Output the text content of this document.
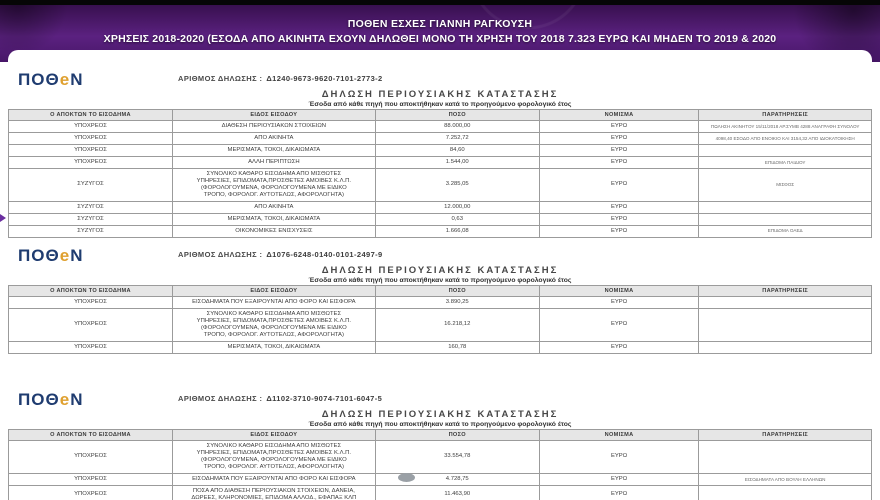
ΠΟΘΕΝ ΕΣΧΕΣ ΓΙΑΝΝΗ ΡΑΓΚΟΥΣΗ
ΧΡΗΣΕΙΣ 2018-2020 (ΕΣΟΔΑ ΑΠΟ ΑΚΙΝΗΤΑ ΕΧΟΥΝ ΔΗΛΩΘΕΙ ΜΟΝΟ ΤΗ ΧΡΗΣΗ ΤΟΥ 2018 7.323 ΕΥΡΩ ΚΑΙ ΜΗΔΕΝ ΤΟ 2019 & 2020
ΠΟΘeΝ	ΑΡΙΘΜΟΣ ΔΗΛΩΣΗΣ : Δ1240-9673-9620-7101-2773-2
ΔΗΛΩΣΗ ΠΕΡΙΟΥΣΙΑΚΗΣ ΚΑΤΑΣΤΑΣΗΣ
Έσοδα από κάθε πηγή που αποκτήθηκαν κατά το προηγούμενο φορολογικό έτος
Ο ΑΠΟΚΤΩΝ ΤΟ ΕΙΣΟΔΗΜΑ	ΕΙΔΟΣ ΕΙΣΟΔΟΥ	ΠΟΣΟ	ΝΟΜΙΣΜΑ	ΠΑΡΑΤΗΡΗΣΕΙΣ
ΥΠΟΧΡΕΟΣ	ΔΙΑΘΕΣΗ ΠΕΡΙΟΥΣΙΑΚΩΝ ΣΤΟΙΧΕΙΩΝ	88.000,00	ΕΥΡΩ	ΠΩΛΗΣΗ ΑΚΙΝΗΤΟΥ 15/11/2018 ΑΡ.ΣΥΜΒ 4288 ΑΝΑΓΡΑΦΗ ΣΥΝΟΛΟΥ
ΥΠΟΧΡΕΟΣ	ΑΠΟ ΑΚΙΝΗΤΑ	7.252,72	ΕΥΡΩ	4098,40 ΕΣΟΔΟ ΑΠΟ ΕΝΟΙΚΙΟ ΚΑΙ 3154,32 ΑΠΟ ΙΔΙΟΚΑΤΟΙΚΗΣΗ
ΥΠΟΧΡΕΟΣ	ΜΕΡΙΣΜΑΤΑ, ΤΟΚΟΙ, ΔΙΚΑΙΩΜΑΤΑ	84,60	ΕΥΡΩ	
ΥΠΟΧΡΕΟΣ	ΑΛΛΗ ΠΕΡΙΠΤΩΣΗ	1.544,00	ΕΥΡΩ	ΕΠΙΔΟΜΑ ΠΑΙΔΙΟΥ
ΣΥΖΥΓΟΣ	ΣΥΝΟΛΙΚΟ ΚΑΘΑΡΟ ΕΙΣΟΔΗΜΑ ΑΠΟ ΜΙΣΘΩΤΕΣ ΥΠΗΡΕΣΙΕΣ, ΕΠΙΔΟΜΑΤΑ,ΠΡΟΣΘΕΤΕΣ ΑΜΟΙΒΕΣ Κ.Λ.Π.(ΦΟΡΟΛΟΓΟΥΜΕΝΑ, ΦΟΡΟΛΟΓΟΥΜΕΝΑ ΜΕ ΕΙΔΙΚΟ ΤΡΟΠΟ, ΦΟΡΟΛΟΓ. ΑΥΤΟΤΕΛΩΣ, ΑΦΟΡΟΛΟΓΗΤΑ)	3.285,05	ΕΥΡΩ	ΜΙΣΘΟΣ
ΣΥΖΥΓΟΣ	ΑΠΟ ΑΚΙΝΗΤΑ	12.000,00	ΕΥΡΩ	
ΣΥΖΥΓΟΣ	ΜΕΡΙΣΜΑΤΑ, ΤΟΚΟΙ, ΔΙΚΑΙΩΜΑΤΑ	0,63	ΕΥΡΩ	
ΣΥΖΥΓΟΣ	ΟΙΚΟΝΟΜΙΚΕΣ ΕΝΙΣΧΥΣΕΙΣ	1.666,08	ΕΥΡΩ	ΕΠΙΔΟΜΑ ΟΑΕΔ
ΠΟΘeΝ	ΑΡΙΘΜΟΣ ΔΗΛΩΣΗΣ : Δ1076-6248-0140-0101-2497-9
ΔΗΛΩΣΗ ΠΕΡΙΟΥΣΙΑΚΗΣ ΚΑΤΑΣΤΑΣΗΣ
Έσοδα από κάθε πηγή που αποκτήθηκαν κατά το προηγούμενο φορολογικό έτος
Ο ΑΠΟΚΤΩΝ ΤΟ ΕΙΣΟΔΗΜΑ	ΕΙΔΟΣ ΕΙΣΟΔΟΥ	ΠΟΣΟ	ΝΟΜΙΣΜΑ	ΠΑΡΑΤΗΡΗΣΕΙΣ
ΥΠΟΧΡΕΟΣ	ΕΙΣΟΔΗΜΑΤΑ ΠΟΥ ΕΞΑΙΡΟΥΝΤΑΙ ΑΠΟ ΦΟΡΟ ΚΑΙ ΕΙΣΦΟΡΑ	3.890,25	ΕΥΡΩ	
ΥΠΟΧΡΕΟΣ	ΣΥΝΟΛΙΚΟ ΚΑΘΑΡΟ ΕΙΣΟΔΗΜΑ ΑΠΟ ΜΙΣΘΩΤΕΣ ΥΠΗΡΕΣΙΕΣ, ΕΠΙΔΟΜΑΤΑ,ΠΡΟΣΘΕΤΕΣ ΑΜΟΙΒΕΣ Κ.Λ.Π.(ΦΟΡΟΛΟΓΟΥΜΕΝΑ, ΦΟΡΟΛΟΓΟΥΜΕΝΑ ΜΕ ΕΙΔΙΚΟ ΤΡΟΠΟ, ΦΟΡΟΛΟΓ. ΑΥΤΟΤΕΛΩΣ, ΑΦΟΡΟΛΟΓΗΤΑ)	16.218,12	ΕΥΡΩ	
ΥΠΟΧΡΕΟΣ	ΜΕΡΙΣΜΑΤΑ, ΤΟΚΟΙ, ΔΙΚΑΙΩΜΑΤΑ	160,78	ΕΥΡΩ	
ΠΟΘeΝ	ΑΡΙΘΜΟΣ ΔΗΛΩΣΗΣ : Δ1102-3710-9074-7101-6047-5
ΔΗΛΩΣΗ ΠΕΡΙΟΥΣΙΑΚΗΣ ΚΑΤΑΣΤΑΣΗΣ
Έσοδα από κάθε πηγή που αποκτήθηκαν κατά το προηγούμενο φορολογικό έτος
Ο ΑΠΟΚΤΩΝ ΤΟ ΕΙΣΟΔΗΜΑ	ΕΙΔΟΣ ΕΙΣΟΔΟΥ	ΠΟΣΟ	ΝΟΜΙΣΜΑ	ΠΑΡΑΤΗΡΗΣΕΙΣ
ΥΠΟΧΡΕΟΣ	ΣΥΝΟΛΙΚΟ ΚΑΘΑΡΟ ΕΙΣΟΔΗΜΑ ΑΠΟ ΜΙΣΘΩΤΕΣ ΥΠΗΡΕΣΙΕΣ, ΕΠΙΔΟΜΑΤΑ,ΠΡΟΣΘΕΤΕΣ ΑΜΟΙΒΕΣ Κ.Λ.Π.(ΦΟΡΟΛΟΓΟΥΜΕΝΑ, ΦΟΡΟΛΟΓΟΥΜΕΝΑ ΜΕ ΕΙΔΙΚΟ ΤΡΟΠΟ, ΦΟΡΟΛΟΓ. ΑΥΤΟΤΕΛΩΣ, ΑΦΟΡΟΛΟΓΗΤΑ)	33.554,78	ΕΥΡΩ	
ΥΠΟΧΡΕΟΣ	ΕΙΣΟΔΗΜΑΤΑ ΠΟΥ ΕΞΑΙΡΟΥΝΤΑΙ ΑΠΟ ΦΟΡΟ ΚΑΙ ΕΙΣΦΟΡΑ	4.728,75	ΕΥΡΩ	ΕΙΣΟΔΗΜΑΤΑ ΑΠΟ ΒΟΥΛΗ ΕΛΛΗΝΩΝ
ΥΠΟΧΡΕΟΣ	ΠΟΣΑ ΑΠΟ ΔΙΑΘΕΣΗ ΠΕΡΙΟΥΣΙΑΚΩΝ ΣΤΟΙΧΕΙΩΝ, ΔΑΝΕΙΑ, ΔΩΡΕΕΣ, ΚΛΗΡΟΝΟΜΙΕΣ, ΕΠΙΔΟΜΑ ΑΛΛΟΔ., ΕΦΑΠΑΞ ΚΛΠ	11.463,90	ΕΥΡΩ	
